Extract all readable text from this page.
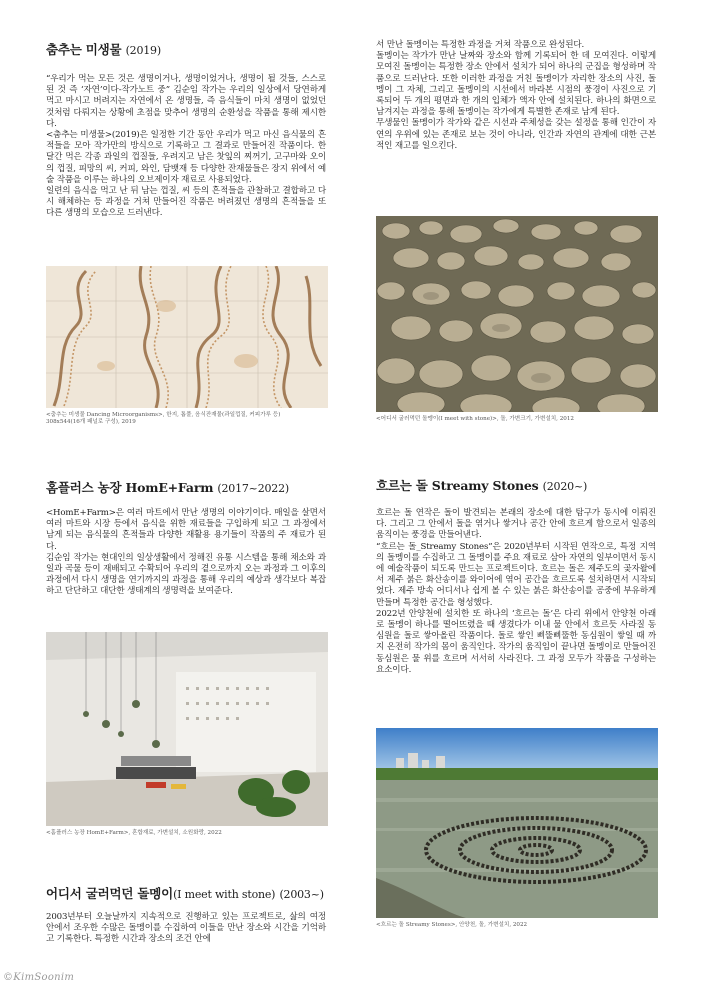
춤추는 미생물 (2019)

“우리가 먹는 모든 것은 생명이거나, 생명이었거나, 생명이 될 것들, 스스로 된 것 즉 ‘자연’이다-작가노트 중” 김순임 작가는 우리의 일상에서 당연하게 먹고 마시고 버려지는 자연에서 온 생명들, 즉 음식들이 마치 생명이 없었던 것처럼 다뤄지는 상황에 초점을 맞추어 생명의 순환성을 작품을 통해 제시한다.

<춤추는 미생물>(2019)은 일정한 기간 동안 우리가 먹고 마신 음식물의 흔적들을 모아 작가만의 방식으로 기록하고 그 결과로 만들어진 작품이다. 한 달간 먹은 각종 과일의 껍질들, 우려지고 남은 찻잎의 찌꺼기, 고구마와 오이의 껍질, 피망의 씨, 커피, 와인, 담뱃재 등 다양한 잔재물들은 장지 위에서 예술 작품을 이루는 하나의 오브제이자 재료로 사용되었다.

일련의 음식을 먹고 난 뒤 남는 껍질, 씨 등의 흔적들을 관찰하고 결합하고 다시 해체하는 등 과정을 거쳐 만들어진 작품은 버려졌던 생명의 흔적들을 또 다른 생명의 모습으로 드러낸다.

<춤추는 미생물 Dancing Microorganisms>, 한지, 톱풀, 음식잔재물(과일껍질, 커피가루 등)

308x544(16개 패널로 구성), 2019

홈플러스 농장 HomE+Farm (2017~2022)

<HomE+Farm>은 여러 마트에서 만난 생명의 이야기이다. 매일을 살면서 여러 마트와 시장 등에서 음식을 위한 재료들을 구입하게 되고 그 과정에서 남게 되는 음식물의 흔적들과 다양한 재활용 용기들이 작품의 주 재료가 된다.

김순임 작가는 현대인의 일상생활에서 정해진 유통 시스템을 통해 채소와 과일과 곡물 등이 재배되고 수확되어 우리의 곁으로까지 오는 과정과 그 이후의 과정에서 다시 생명을 연기까지의 과정을 통해 우리의 예상과 생각보다 복잡하고 단단하고 대단한 생태계의 생명력을 보여준다.

<홈플러스 농장 HomE+Farm>, 혼합재료, 가변설치, 소원화랑, 2022

어디서 굴러먹던 돌멩이(I meet with stone) (2003~)

2003년부터 오늘날까지 지속적으로 진행하고 있는 프로젝트로, 삶의 여정 안에서 조우한 수많은 돌멩이를 수집하여 이들을 만난 장소와 시간을 기억하고 기록한다. 특정한 시간과 장소의 조건 안에

서 만난 돌멩이는 특정한 과정을 거쳐 작품으로 완성된다.

돌멩이는 작가가 만난 날짜와 장소와 함께 기록되어 한 데 모여진다. 이렇게 모여진 돌멩이는 특정한 장소 안에서 설치가 되어 하나의 군집을 형성하며 작품으로 드러난다. 또한 이러한 과정을 거친 돌멩이가 자리한 장소의 사진, 돌멩이 그 자체, 그리고 돌멩이의 시선에서 바라본 시점의 풍경이 사진으로 기록되어 두 개의 평면과 한 개의 입체가 액자 안에 설치된다. 하나의 화면으로 남겨지는 과정을 통해 돌멩이는 작가에게 특별한 존재로 남게 된다.

무생물인 돌멩이가 작가와 같은 시선과 주체성을 갖는 설정을 통해 인간이 자연의 우위에 있는 존재로 보는 것이 아니라, 인간과 자연의 관계에 대한 근본적인 재고를 일으킨다.

<어디서 굴러먹던 돌멩이(I meet with stone)>, 돌, 가변크기, 가변설치, 2012

흐르는 돌 Streamy Stones (2020~)

흐르는 돌 연작은 돌이 발견되는 본래의 장소에 대한 탐구가 동시에 이뤄진다. 그리고 그 안에서 돌을 엮거나 쌓거나 공간 안에 흐르게 함으로서 일종의 움직이는 풍경을 만들어낸다.

“흐르는 돌_Streamy Stones”은 2020년부터 시작된 연작으로, 특정 지역의 돌멩이를 수집하고 그 돌멩이를 주요 재료로 삼아 자연의 일부이면서 동시에 예술작품이 되도록 만드는 프로젝트이다. 흐르는 돌은 제주도의 곶자왈에서 제주 붉은 화산송이를 와이어에 엮어 공간을 흐르도록 설치하면서 시작되었다. 제주 방속 어디서나 쉽게 볼 수 있는 붉은 화산송이를 공중에 부유하게 만들며 특정한 공간을 형성했다.

2022년 안양천에 설치한 또 하나의 ‘흐르는 돌’은 다리 위에서 안양천 아래로 돌멩이 하나를 떨어뜨렸을 때 생겼다가 이내 물 안에서 흐르듯 사라질 동심원을 돌로 쌓아올린 작품이다. 돌로 쌓인 삐뚤삐뚤한 동심원이 쌓일 때 까지 온전히 작가의 몸이 움직인다. 작가의 움직임이 끝나면 돌멩이로 만들어진 동심원은 물 위를 흐르며 서서히 사라진다. 그 과정 모두가 작품을 구성하는 요소이다.

<흐르는 돌 Streamy Stones>, 안양천, 돌, 가변설치, 2022

©KimSoonim
